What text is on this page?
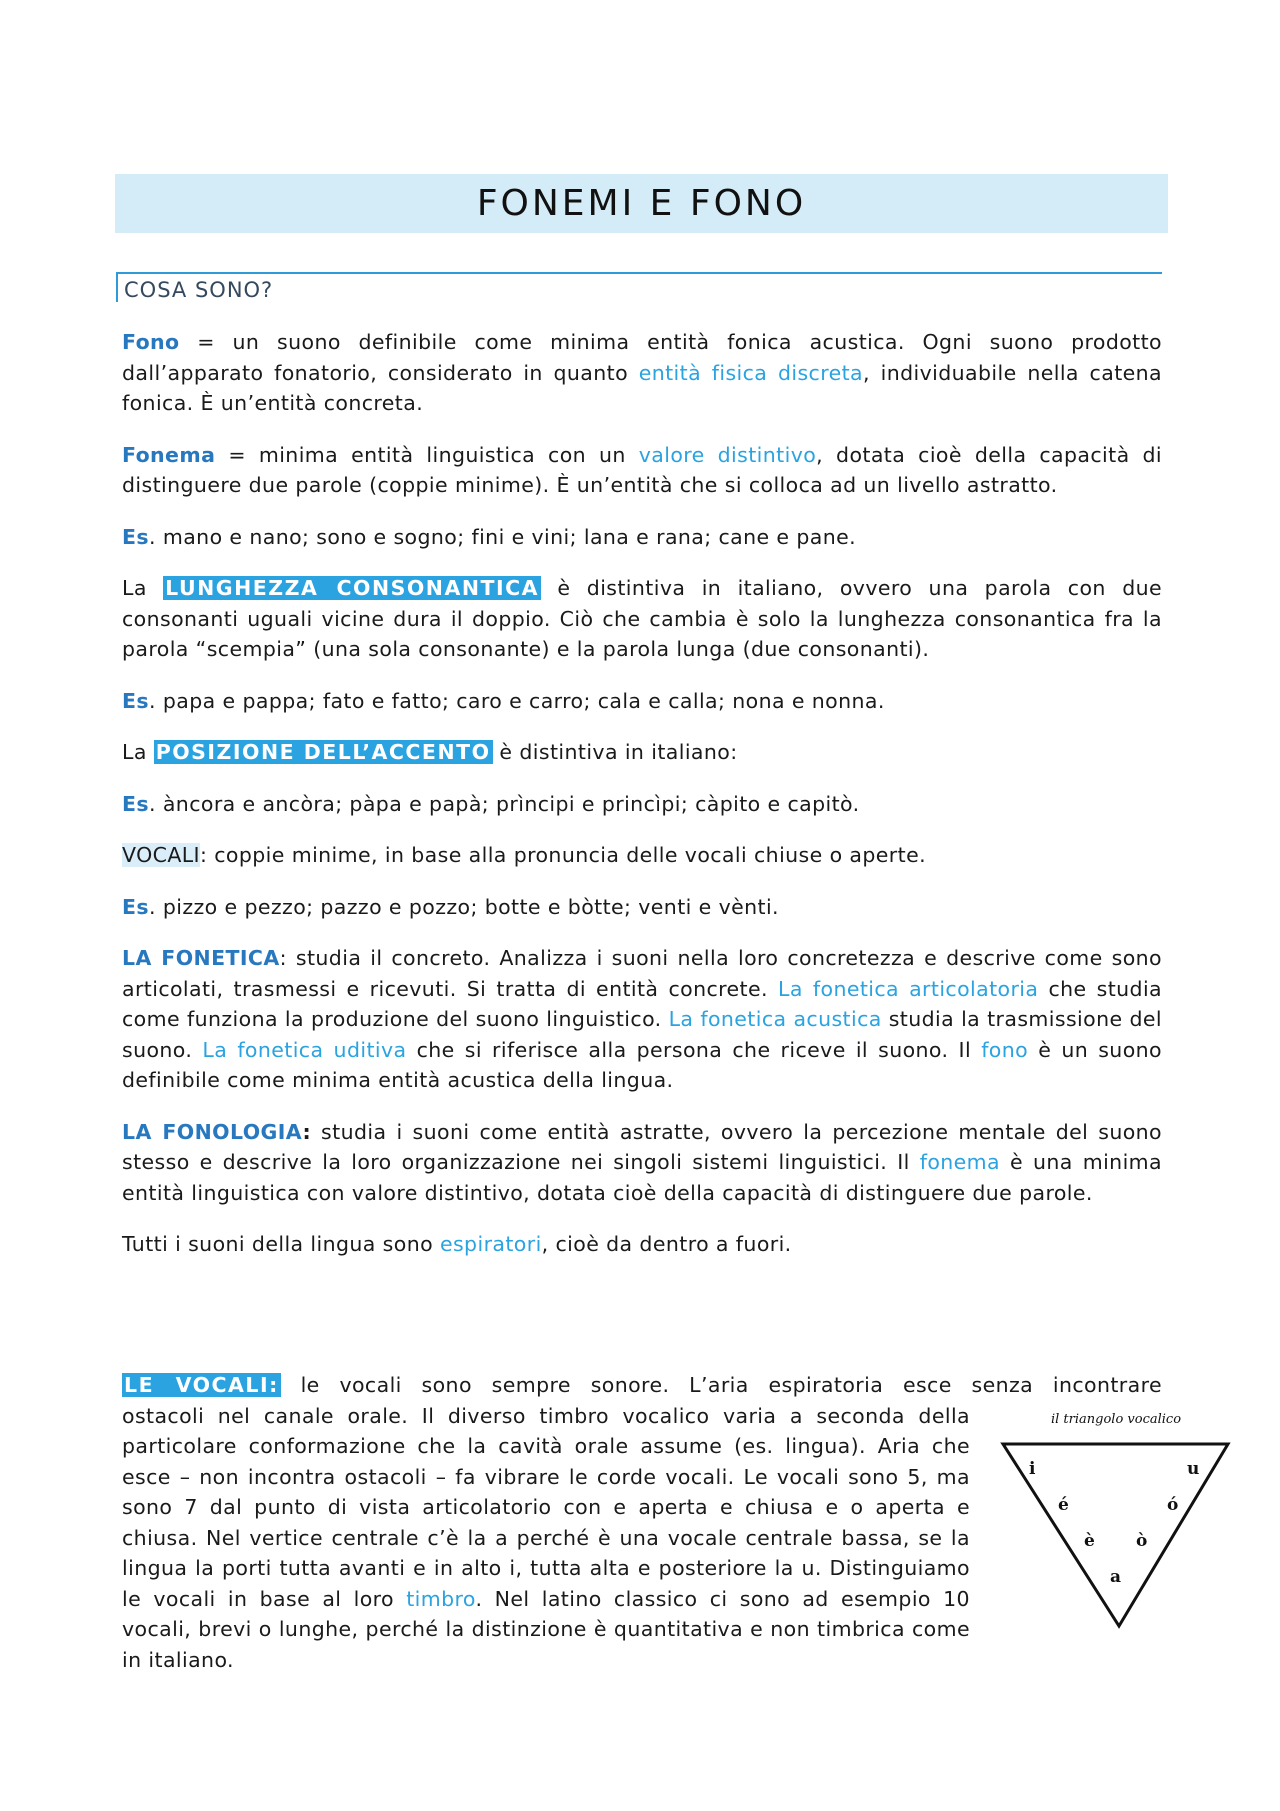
FONEMI E FONO
COSA SONO?

Fono = un suono definibile come minima entità fonica acustica. Ogni suono prodotto dall’apparato fonatorio, considerato in quanto entità fisica discreta, individuabile nella catena fonica. È un’entità concreta.

Fonema = minima entità linguistica con un valore distintivo, dotata cioè della capacità di distinguere due parole (coppie minime). È un’entità che si colloca ad un livello astratto.

Es. mano e nano; sono e sogno; fini e vini; lana e rana; cane e pane.

La LUNGHEZZA CONSONANTICA è distintiva in italiano, ovvero una parola con due consonanti uguali vicine dura il doppio. Ciò che cambia è solo la lunghezza consonantica fra la parola “scempia” (una sola consonante) e la parola lunga (due consonanti).

Es. papa e pappa; fato e fatto; caro e carro; cala e calla; nona e nonna.

La POSIZIONE DELL’ACCENTO è distintiva in italiano:

Es. àncora e ancòra; pàpa e papà; prìncipi e princìpi; càpito e capitò.

VOCALI: coppie minime, in base alla pronuncia delle vocali chiuse o aperte.

Es. pizzo e pezzo; pazzo e pozzo; botte e bòtte; venti e vènti.

LA FONETICA: studia il concreto. Analizza i suoni nella loro concretezza e descrive come sono articolati, trasmessi e ricevuti. Si tratta di entità concrete. La fonetica articolatoria che studia come funziona la produzione del suono linguistico. La fonetica acustica studia la trasmissione del suono. La fonetica uditiva che si riferisce alla persona che riceve il suono. Il fono è un suono definibile come minima entità acustica della lingua.

LA FONOLOGIA: studia i suoni come entità astratte, ovvero la percezione mentale del suono stesso e descrive la loro organizzazione nei singoli sistemi linguistici. Il fonema è una minima entità linguistica con valore distintivo, dotata cioè della capacità di distinguere due parole.

Tutti i suoni della lingua sono espiratori, cioè da dentro a fuori.

LE VOCALI: le vocali sono sempre sonore. L’aria espiratoria esce senza incontrare
ostacoli nel canale orale. Il diverso timbro vocalico varia a seconda della particolare conformazione che la cavità orale assume (es. lingua). Aria che esce – non incontra ostacoli – fa vibrare le corde vocali. Le vocali sono 5, ma sono 7 dal punto di vista articolatorio con e aperta e chiusa e o aperta e chiusa. Nel vertice centrale c’è la a perché è una vocale centrale bassa, se la lingua la porti tutta avanti e in alto i, tutta alta e posteriore la u. Distinguiamo le vocali in base al loro timbro. Nel latino classico ci sono ad esempio 10 vocali, brevi o lunghe, perché la distinzione è quantitativa e non timbrica come in italiano.
il triangolo vocalico
i	u
é	ó
è ò
a
